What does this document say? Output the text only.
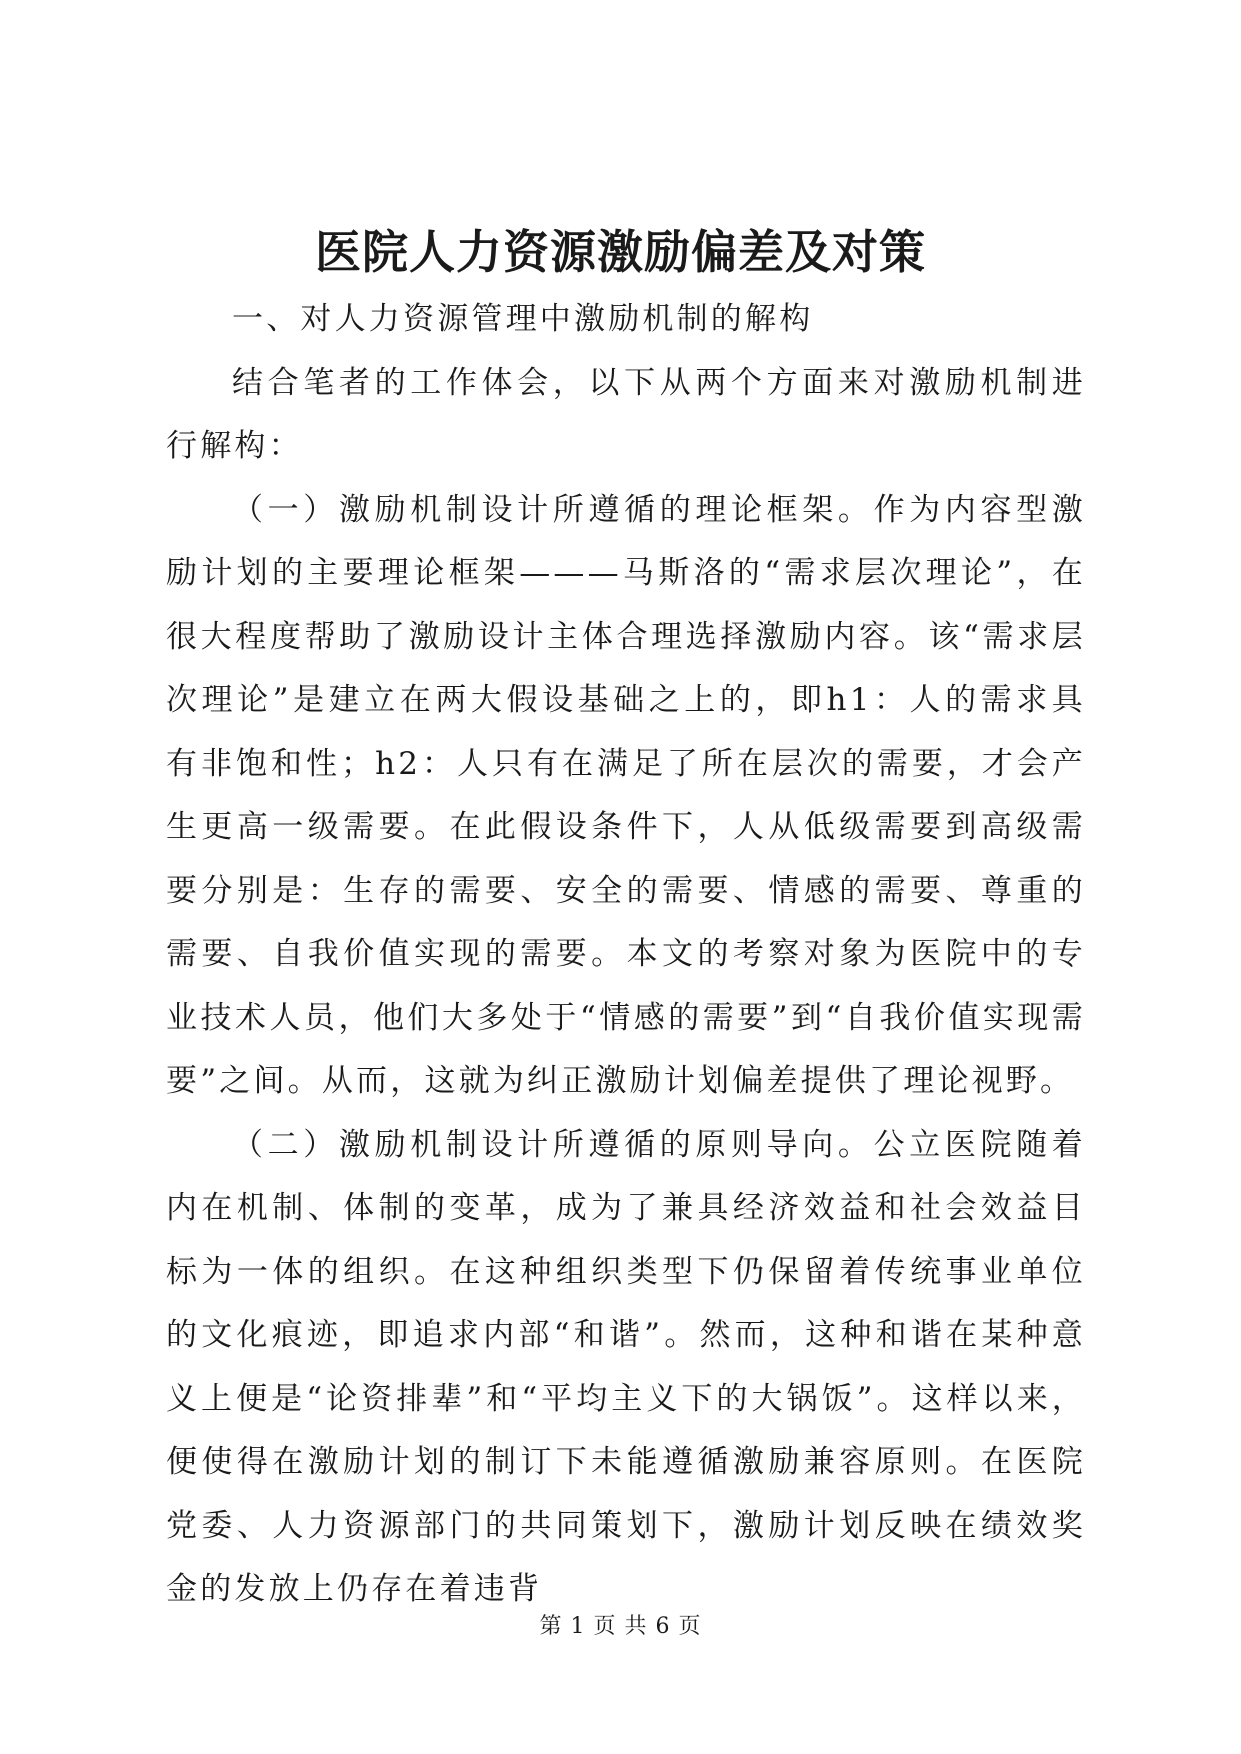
医院人力资源激励偏差及对策

一、对人力资源管理中激励机制的解构

结合笔者的工作体会，以下从两个方面来对激励机制进行解构：

（一）激励机制设计所遵循的理论框架。作为内容型激励计划的主要理论框架———马斯洛的“需求层次理论”，在很大程度帮助了激励设计主体合理选择激励内容。该“需求层次理论”是建立在两大假设基础之上的，即h1：人的需求具有非饱和性；h2：人只有在满足了所在层次的需要，才会产生更高一级需要。在此假设条件下，人从低级需要到高级需要分别是：生存的需要、安全的需要、情感的需要、尊重的需要、自我价值实现的需要。本文的考察对象为医院中的专业技术人员，他们大多处于“情感的需要”到“自我价值实现需要”之间。从而，这就为纠正激励计划偏差提供了理论视野。

（二）激励机制设计所遵循的原则导向。公立医院随着内在机制、体制的变革，成为了兼具经济效益和社会效益目标为一体的组织。在这种组织类型下仍保留着传统事业单位的文化痕迹，即追求内部“和谐”。然而，这种和谐在某种意义上便是“论资排辈”和“平均主义下的大锅饭”。这样以来，便使得在激励计划的制订下未能遵循激励兼容原则。在医院党委、人力资源部门的共同策划下，激励计划反映在绩效奖金的发放上仍存在着违背

第 1 页 共 6 页
